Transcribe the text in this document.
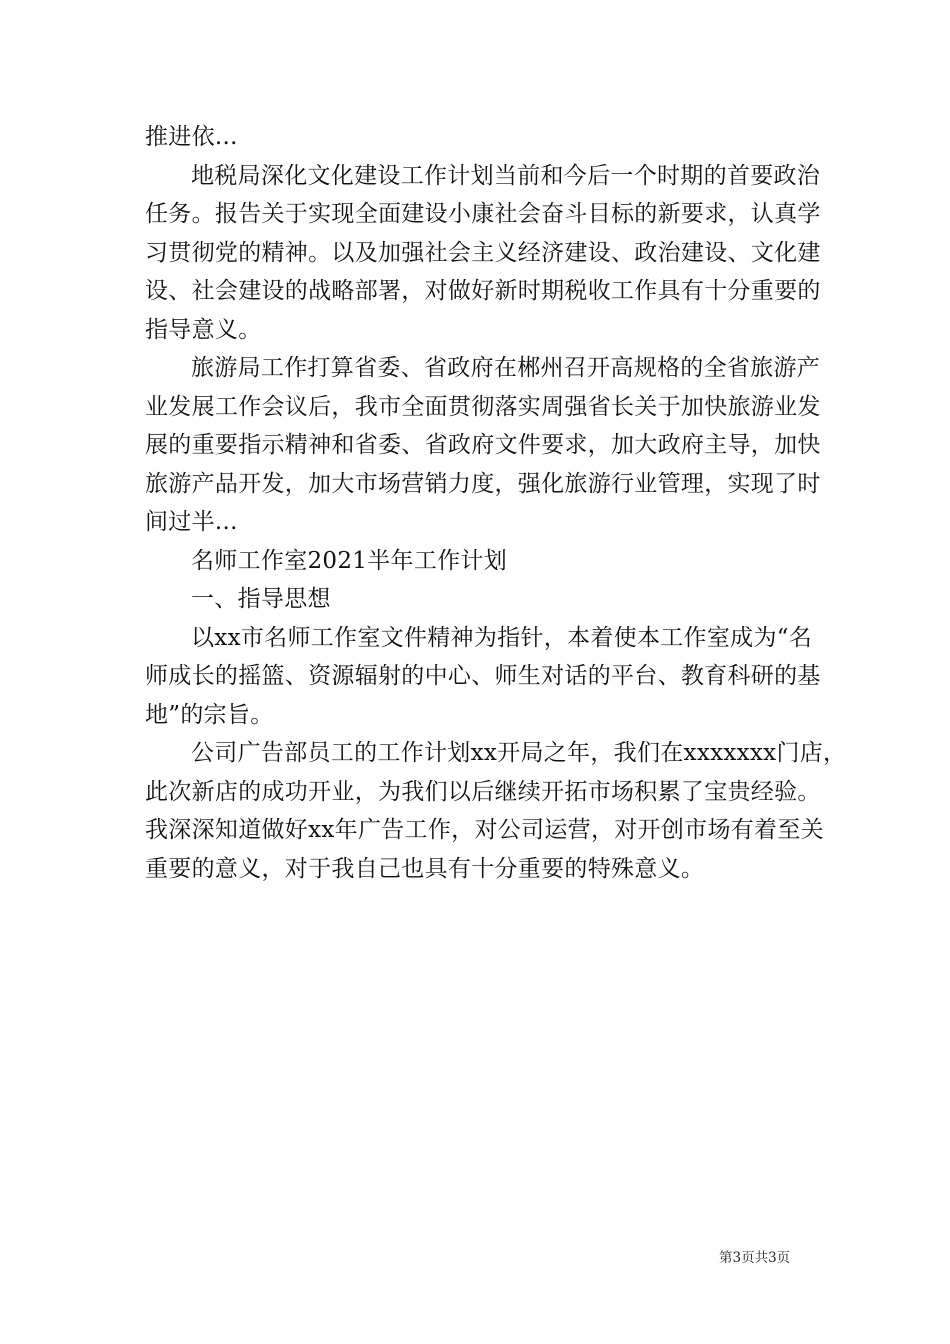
推进依...

地税局深化文化建设工作计划当前和今后一个时期的首要政治

任务。报告关于实现全面建设小康社会奋斗目标的新要求，认真学

习贯彻党的精神。以及加强社会主义经济建设、政治建设、文化建

设、社会建设的战略部署，对做好新时期税收工作具有十分重要的

指导意义。

旅游局工作打算省委、省政府在郴州召开高规格的全省旅游产

业发展工作会议后，我市全面贯彻落实周强省长关于加快旅游业发

展的重要指示精神和省委、省政府文件要求，加大政府主导，加快

旅游产品开发，加大市场营销力度，强化旅游行业管理，实现了时

间过半...

名师工作室2021半年工作计划

一、指导思想

以xx市名师工作室文件精神为指针，本着使本工作室成为“名

师成长的摇篮、资源辐射的中心、师生对话的平台、教育科研的基

地”的宗旨。

公司广告部员工的工作计划xx开局之年，我们在xxxxxxx门店，

此次新店的成功开业，为我们以后继续开拓市场积累了宝贵经验。

我深深知道做好xx年广告工作，对公司运营，对开创市场有着至关

重要的意义，对于我自己也具有十分重要的特殊意义。

第3页共3页
